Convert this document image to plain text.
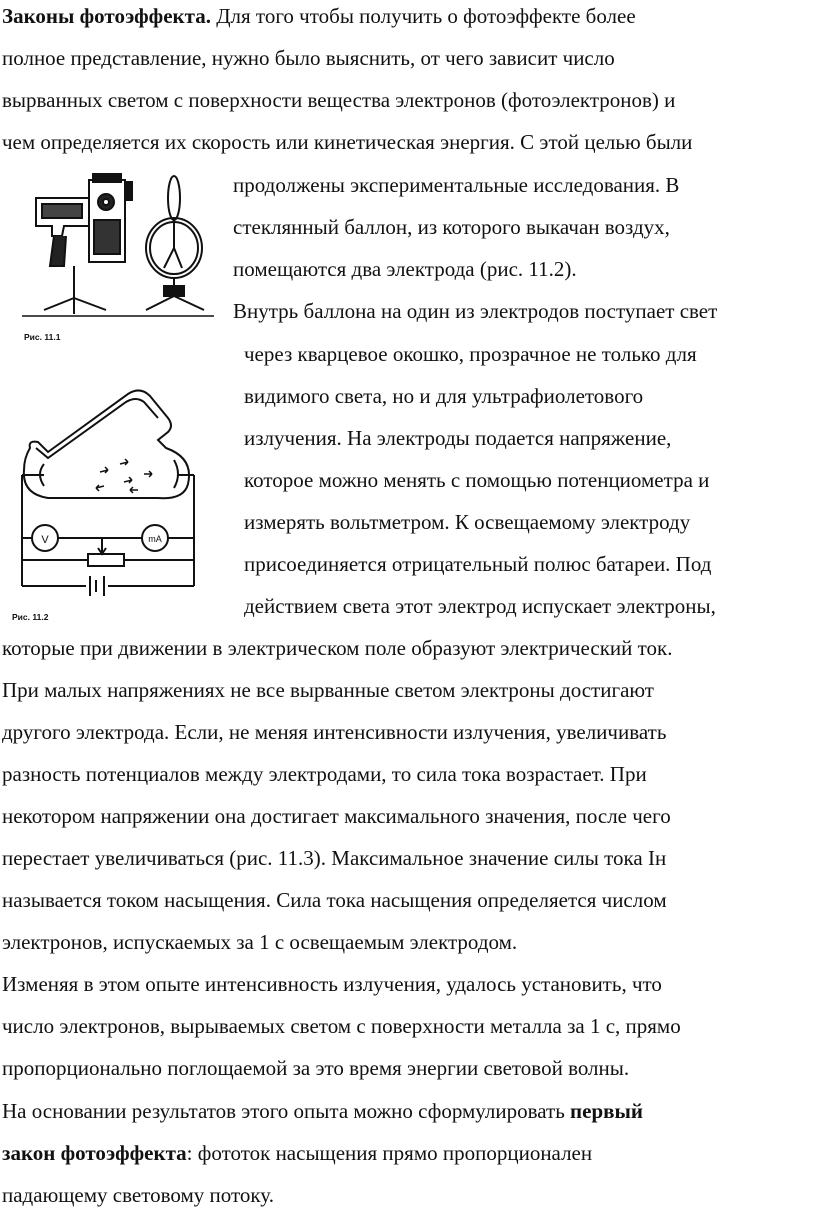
Законы фотоэффекта. Для того чтобы получить о фотоэффекте более
полное представление, нужно было выяснить, от чего зависит число
вырванных светом с поверхности вещества электронов (фотоэлектронов) и
чем определяется их скорость или кинетическая энергия. С этой целью были
продолжены экспериментальные исследования. В
стеклянный баллон, из которого выкачан воздух,
помещаются два электрода (рис. 11.2).
Внутрь баллона на один из электродов поступает свет
через кварцевое окошко, прозрачное не только для
видимого света, но и для ультрафиолетового
излучения. На электроды подается напряжение,
которое можно менять с помощью потенциометра и
измерять вольтметром. К освещаемому электроду
присоединяется отрицательный полюс батареи. Под
действием света этот электрод испускает электроны,
которые при движении в электрическом поле образуют электрический ток.
При малых напряжениях не все вырванные светом электроны достигают
другого электрода. Если, не меняя интенсивности излучения, увеличивать
разность потенциалов между электродами, то сила тока возрастает. При
некотором напряжении она достигает максимального значения, после чего
перестает увеличиваться (рис. 11.3). Максимальное значение силы тока Iн
называется током насыщения. Сила тока насыщения определяется числом
электронов, испускаемых за 1 с освещаемым электродом.
Изменяя в этом опыте интенсивность излучения, удалось установить, что
число электронов, вырываемых светом с поверхности металла за 1 с, прямо
пропорционально поглощаемой за это время энергии световой волны.
На основании результатов этого опыта можно сформулировать первый
закон фотоэффекта: фототок насыщения прямо пропорционален
падающему световому потоку.
Рис. 11.1
V	mA
Рис. 11.2
